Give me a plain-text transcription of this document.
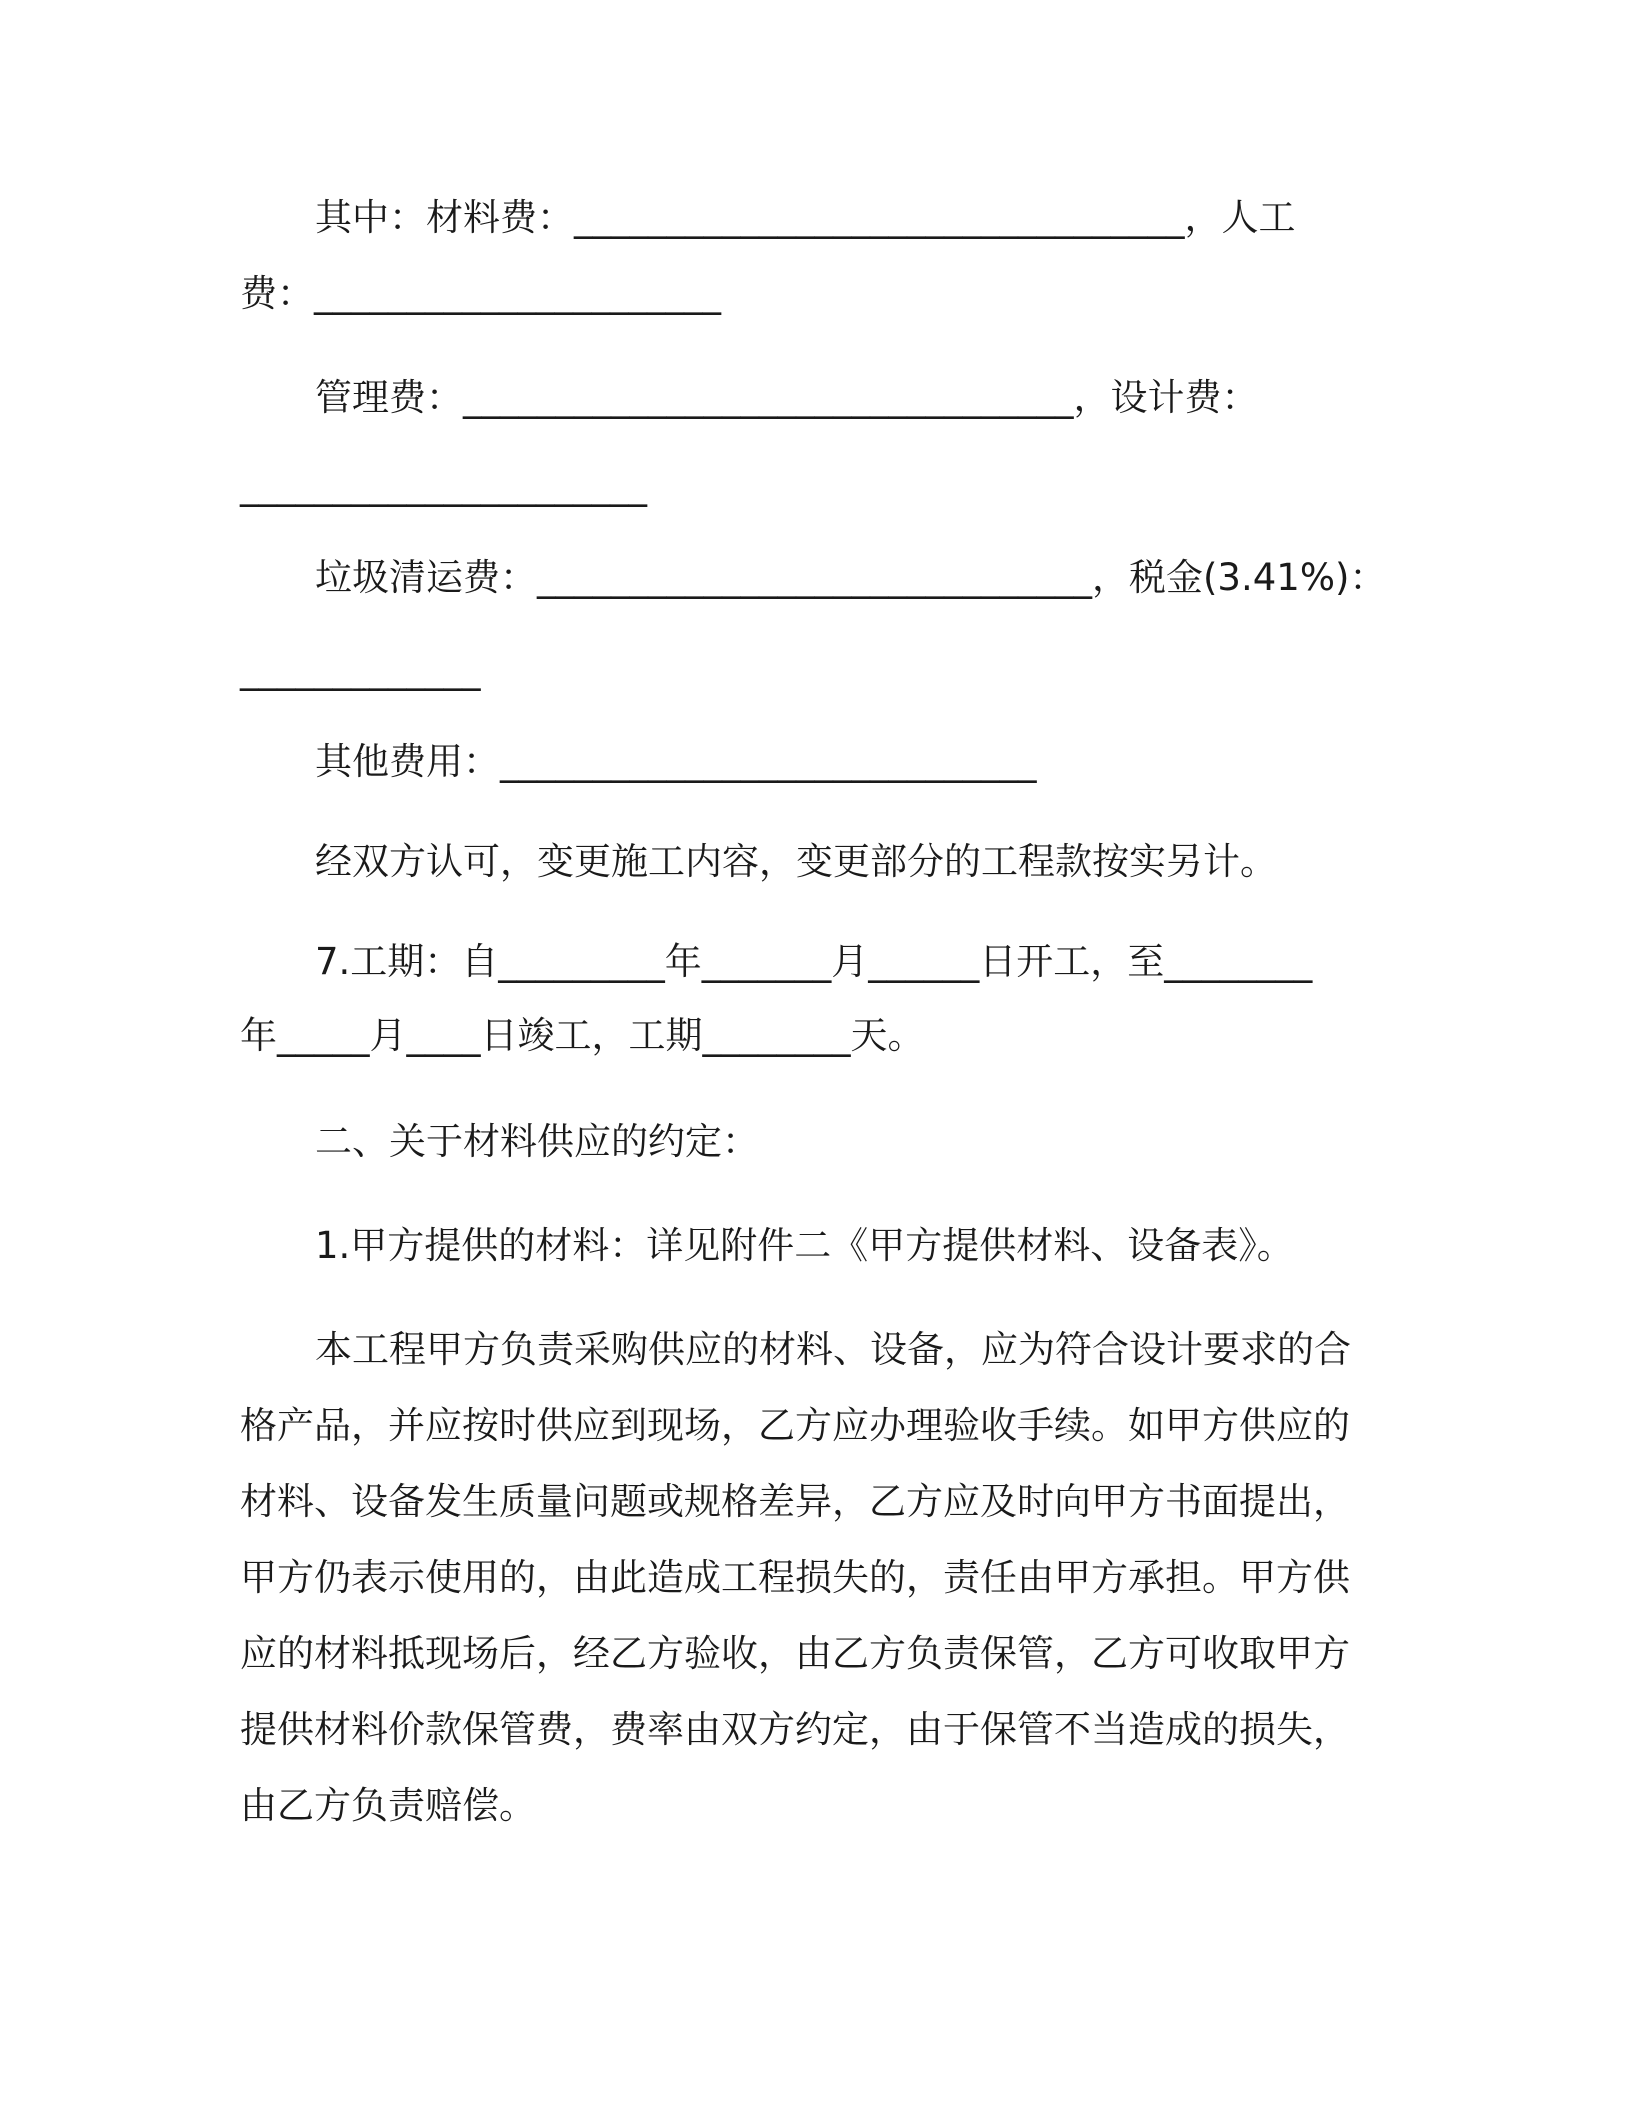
其中：材料费：_________________________________，人工
费：______________________
管理费：_________________________________，设计费：
______________________
垃圾清运费：______________________________，税金(3.41%)：
_____________
其他费用：_____________________________
经双方认可，变更施工内容，变更部分的工程款按实另计。
7.工期：自_________年_______月______日开工，至________
年_____月____日竣工，工期________天。
二、关于材料供应的约定：
1.甲方提供的材料：详见附件二《甲方提供材料、设备表》。
本工程甲方负责采购供应的材料、设备，应为符合设计要求的合
格产品，并应按时供应到现场，乙方应办理验收手续。如甲方供应的
材料、设备发生质量问题或规格差异，乙方应及时向甲方书面提出，
甲方仍表示使用的，由此造成工程损失的，责任由甲方承担。甲方供
应的材料抵现场后，经乙方验收，由乙方负责保管，乙方可收取甲方
提供材料价款保管费，费率由双方约定，由于保管不当造成的损失，
由乙方负责赔偿。
